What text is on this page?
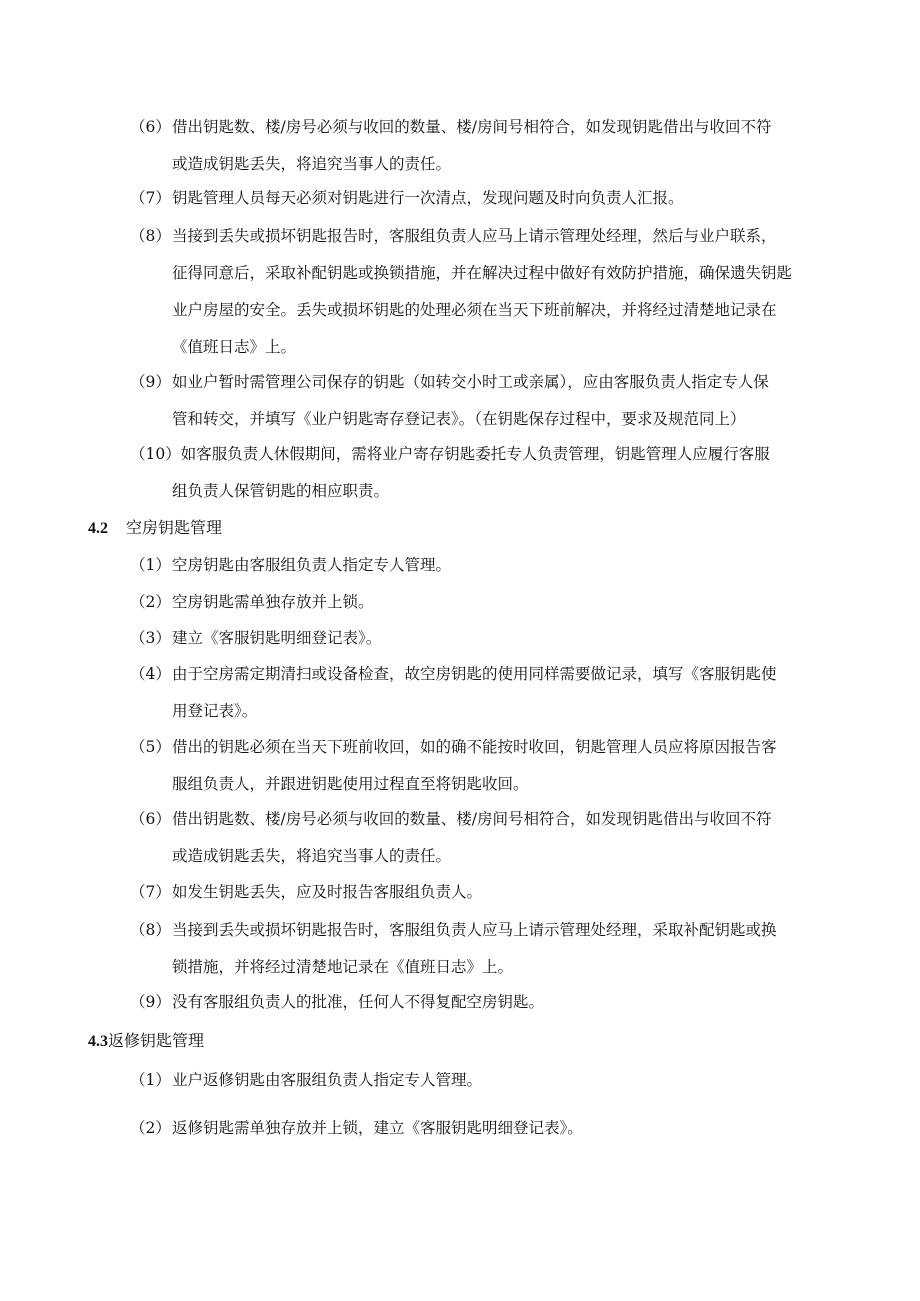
（6）借出钥匙数、楼/房号必须与收回的数量、楼/房间号相符合，如发现钥匙借出与收回不符
或造成钥匙丢失，将追究当事人的责任。
（7）钥匙管理人员每天必须对钥匙进行一次清点，发现问题及时向负责人汇报。
（8）当接到丢失或损坏钥匙报告时，客服组负责人应马上请示管理处经理，然后与业户联系，
征得同意后，采取补配钥匙或换锁措施，并在解决过程中做好有效防护措施，确保遗失钥匙
业户房屋的安全。丢失或损坏钥匙的处理必须在当天下班前解决，并将经过清楚地记录在
《值班日志》上。
（9）如业户暂时需管理公司保存的钥匙（如转交小时工或亲属），应由客服负责人指定专人保
管和转交，并填写《业户钥匙寄存登记表》。（在钥匙保存过程中，要求及规范同上）
（10）如客服负责人休假期间，需将业户寄存钥匙委托专人负责管理，钥匙管理人应履行客服
组负责人保管钥匙的相应职责。
4.2 空房钥匙管理
（1）空房钥匙由客服组负责人指定专人管理。
（2）空房钥匙需单独存放并上锁。
（3）建立《客服钥匙明细登记表》。
（4）由于空房需定期清扫或设备检查，故空房钥匙的使用同样需要做记录，填写《客服钥匙使
用登记表》。
（5）借出的钥匙必须在当天下班前收回，如的确不能按时收回，钥匙管理人员应将原因报告客
服组负责人，并跟进钥匙使用过程直至将钥匙收回。
（6）借出钥匙数、楼/房号必须与收回的数量、楼/房间号相符合，如发现钥匙借出与收回不符
或造成钥匙丢失，将追究当事人的责任。
（7）如发生钥匙丢失，应及时报告客服组负责人。
（8）当接到丢失或损坏钥匙报告时，客服组负责人应马上请示管理处经理，采取补配钥匙或换
锁措施，并将经过清楚地记录在《值班日志》上。
（9）没有客服组负责人的批准，任何人不得复配空房钥匙。
4.3返修钥匙管理
（1）业户返修钥匙由客服组负责人指定专人管理。
（2）返修钥匙需单独存放并上锁，建立《客服钥匙明细登记表》。
